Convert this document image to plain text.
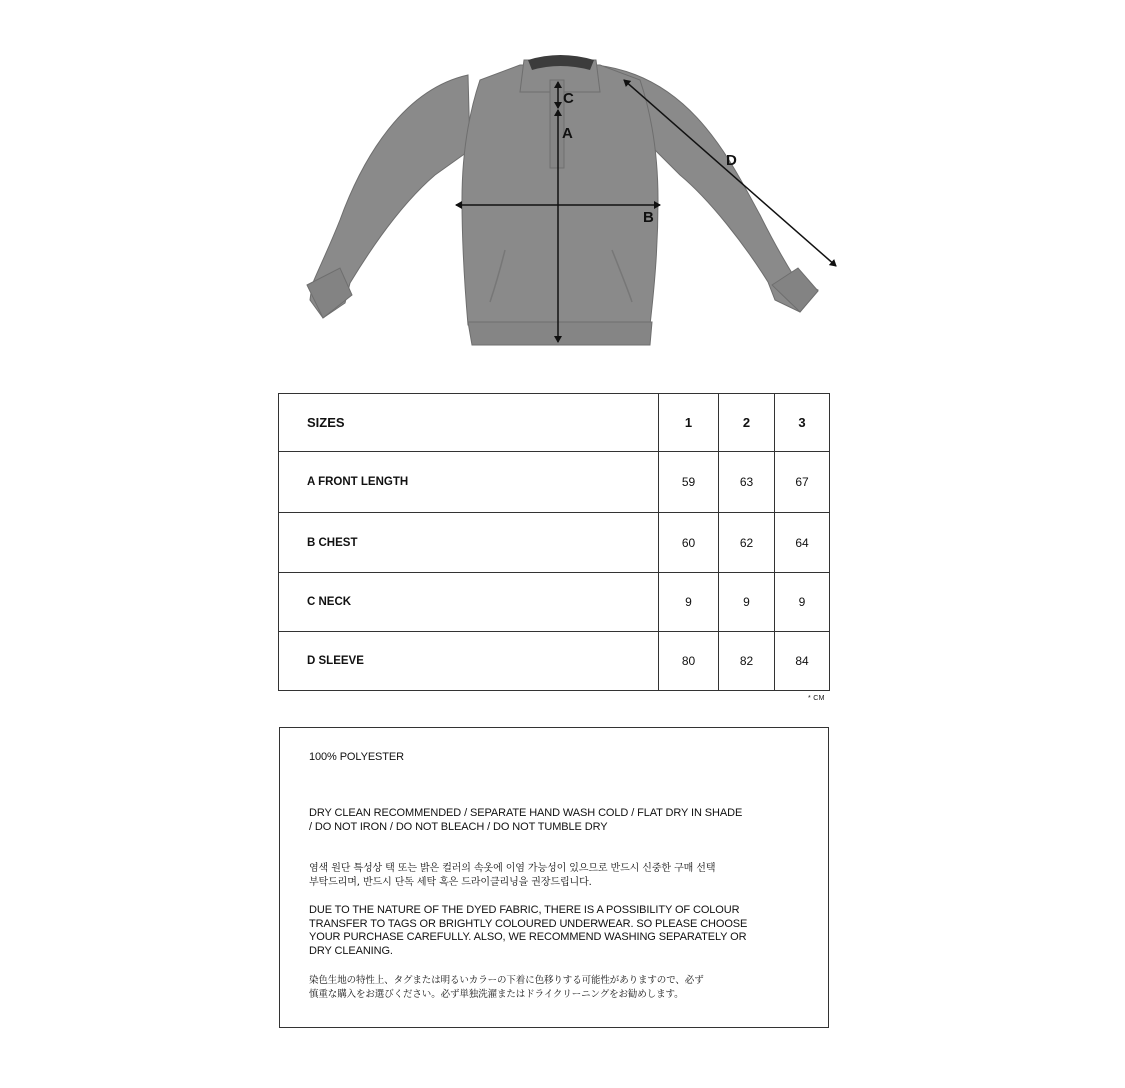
C
A
B
D
SIZES	1	2	3
A FRONT LENGTH	59	63	67
B CHEST	60	62	64
C NECK	9	9	9
D SLEEVE	80	82	84
* CM

100% POLYESTER

DRY CLEAN RECOMMENDED / SEPARATE HAND WASH COLD / FLAT DRY IN SHADE
/ DO NOT IRON / DO NOT BLEACH / DO NOT TUMBLE DRY

염색 원단 특성상 택 또는 밝은 컬러의 속옷에 이염 가능성이 있으므로 반드시 신중한 구매 선택
부탁드리며, 반드시 단독 세탁 혹은 드라이클리닝을 권장드립니다.

DUE TO THE NATURE OF THE DYED FABRIC, THERE IS A POSSIBILITY OF COLOUR
TRANSFER TO TAGS OR BRIGHTLY COLOURED UNDERWEAR. SO PLEASE CHOOSE
YOUR PURCHASE CAREFULLY. ALSO, WE RECOMMEND WASHING SEPARATELY OR
DRY CLEANING.

染色生地の特性上、タグまたは明るいカラーの下着に色移りする可能性がありますので、必ず
慎重な購入をお選びください。必ず単独洗濯またはドライクリーニングをお勧めします。
